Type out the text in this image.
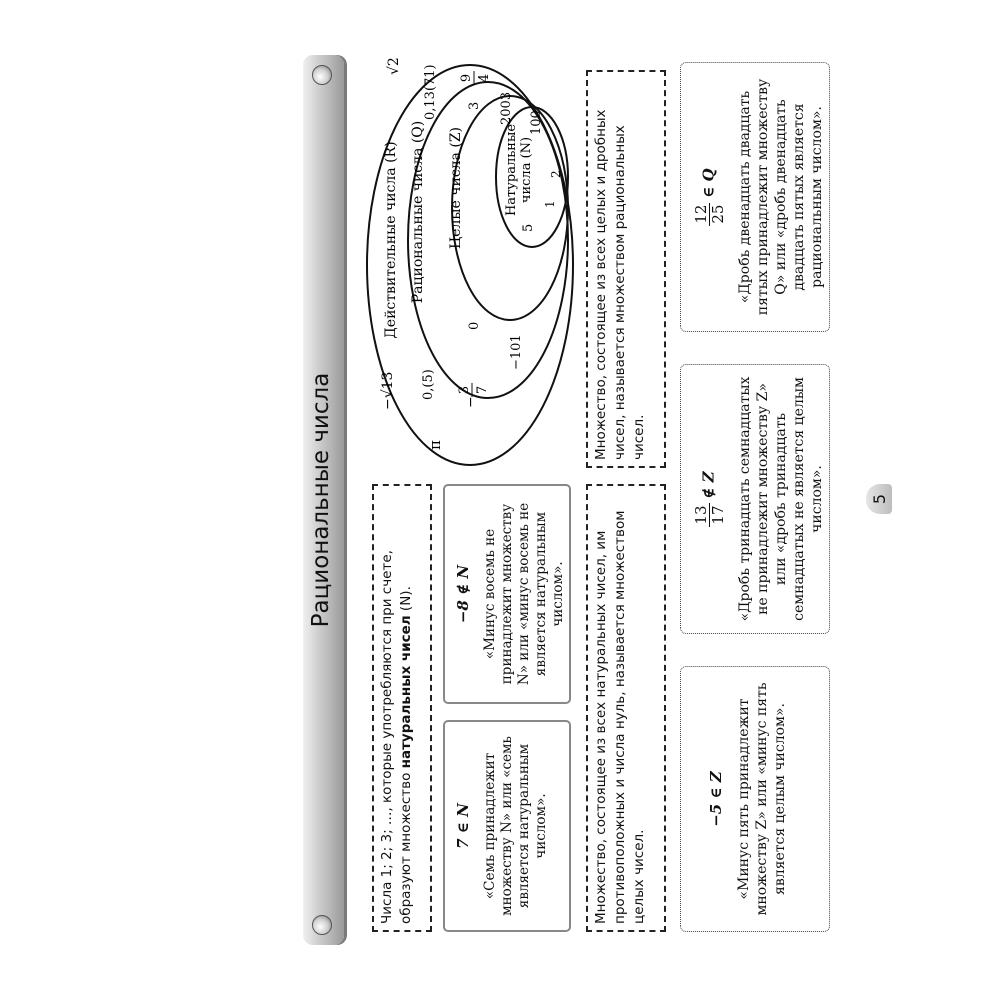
Рациональные числа
Числа 1; 2; 3; …, которые употребляются при счете, образуют множество натуральных чисел (N).
7 ∈ N «Семь принадлежит множеству N» или «семь является натуральным числом».
−8 ∉ N «Минус восемь не принадлежит множеству N» или «минус восемь не является натуральным числом».	Множество, состоящее из всех натуральных чисел, им противоположных и числа нуль, называется множеством целых чисел.
Множество, состоящее из всех целых и дробных чисел, называется множеством рациональных чисел.
−5 ∈ Z «Минус пять принадлежит множеству Z» или «минус пять является целым числом».
13 17
∉ Z	«Дробь тринадцать семнадцатых не принадлежит множеству Z» или «дробь тринадцать семнадцатых не является целым числом».
12 25
∈ Q	«Дробь двенадцать двадцать пятых принадлежит множеству Q» или «дробь двенадцать двадцать пятых является рациональным числом».
Действительные числа (R) Рациональные числа (Q) Целые числа (Z)	Натуральные числа (N)
−√13
√2
π
0,(5)
0,13(71)
−
3 7
9 4
0
3
−101
2003
5
1
2
100
5
